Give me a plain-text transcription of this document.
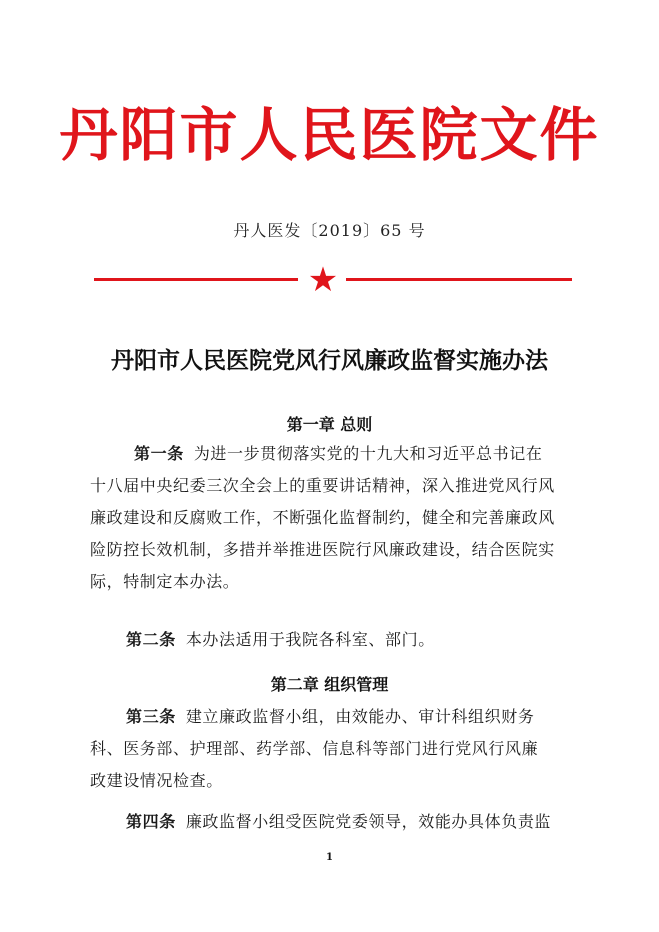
丹阳市人民医院文件
丹人医发〔2019〕65 号
★
丹阳市人民医院党风行风廉政监督实施办法
第一章 总则
第一条 为进一步贯彻落实党的十九大和习近平总书记在
十八届中央纪委三次全会上的重要讲话精神，深入推进党风行风
廉政建设和反腐败工作，不断强化监督制约，健全和完善廉政风
险防控长效机制，多措并举推进医院行风廉政建设，结合医院实
际，特制定本办法。
第二条 本办法适用于我院各科室、部门。
第二章 组织管理
第三条 建立廉政监督小组，由效能办、审计科组织财务
科、医务部、护理部、药学部、信息科等部门进行党风行风廉
政建设情况检查。
第四条 廉政监督小组受医院党委领导，效能办具体负责监
1
